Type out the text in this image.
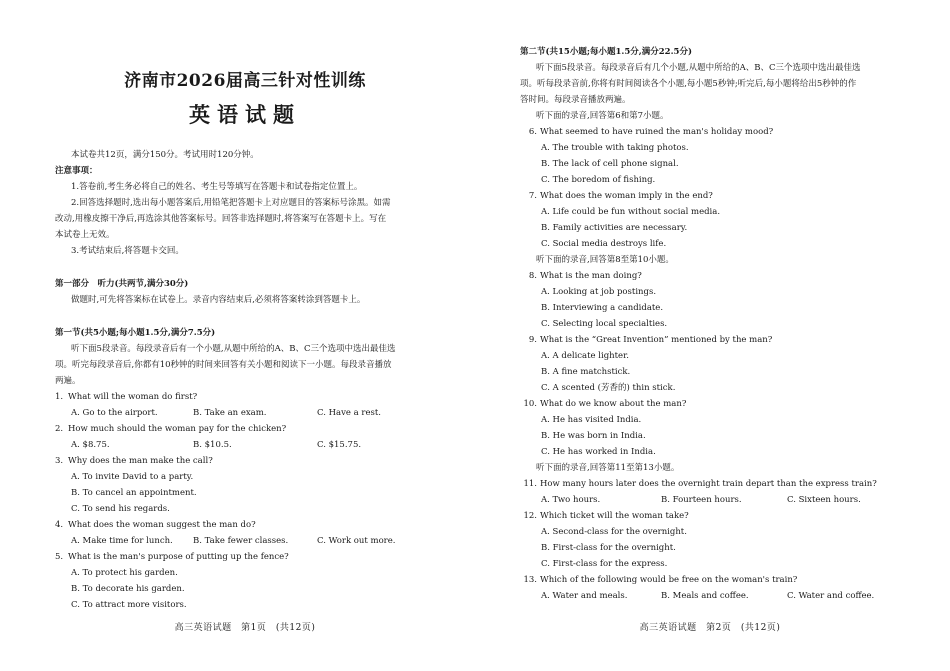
济南市2026届高三针对性训练
英语试题

本试卷共12页，满分150分。考试用时120分钟。

注意事项：

1.答卷前,考生务必将自己的姓名、考生号等填写在答题卡和试卷指定位置上。

2.回答选择题时,选出每小题答案后,用铅笔把答题卡上对应题目的答案标号涂黑。如需

改动,用橡皮擦干净后,再选涂其他答案标号。回答非选择题时,将答案写在答题卡上。写在

本试卷上无效。

3.考试结束后,将答题卡交回。

第一部分　听力(共两节,满分30分)

做题时,可先将答案标在试卷上。录音内容结束后,必须将答案转涂到答题卡上。

第一节(共5小题;每小题1.5分,满分7.5分)

听下面5段录音。每段录音后有一个小题,从题中所给的A、B、C三个选项中选出最佳选

项。听完每段录音后,你都有10秒钟的时间来回答有关小题和阅读下一小题。每段录音播放

两遍。

1. What will the woman do first?

A. Go to the airport.	B. Take an exam.	C. Have a rest.

2. How much should the woman pay for the chicken?

A. $8.75.	B. $10.5.	C. $15.75.

3. Why does the man make the call?

A. To invite David to a party.
B. To cancel an appointment.
C. To send his regards.

4. What does the woman suggest the man do?

A. Make time for lunch.	B. Take fewer classes.	C. Work out more.

5. What is the man's purpose of putting up the fence?

A. To protect his garden.
B. To decorate his garden.
C. To attract more visitors.
高三英语试题　第1页　(共12页)

第二节(共15小题;每小题1.5分,满分22.5分)

听下面5段录音。每段录音后有几个小题,从题中所给的A、B、C三个选项中选出最佳选

项。听每段录音前,你将有时间阅读各个小题,每小题5秒钟;听完后,每小题将给出5秒钟的作

答时间。每段录音播放两遍。

听下面的录音,回答第6和第7小题。

6. What seemed to have ruined the man's holiday mood?

A. The trouble with taking photos.
B. The lack of cell phone signal.
C. The boredom of fishing.

7. What does the woman imply in the end?

A. Life could be fun without social media.
B. Family activities are necessary.
C. Social media destroys life.

听下面的录音,回答第8至第10小题。

8. What is the man doing?

A. Looking at job postings.
B. Interviewing a candidate.
C. Selecting local specialties.

9. What is the “Great Invention” mentioned by the man?

A. A delicate lighter.
B. A fine matchstick.
C. A scented (芳香的) thin stick.

10. What do we know about the man?

A. He has visited India.
B. He was born in India.
C. He has worked in India.

听下面的录音,回答第11至第13小题。

11. How many hours later does the overnight train depart than the express train?

A. Two hours.	B. Fourteen hours.	C. Sixteen hours.

12. Which ticket will the woman take?

A. Second-class for the overnight.
B. First-class for the overnight.
C. First-class for the express.

13. Which of the following would be free on the woman's train?

A. Water and meals.	B. Meals and coffee.	C. Water and coffee.
高三英语试题　第2页　(共12页)
